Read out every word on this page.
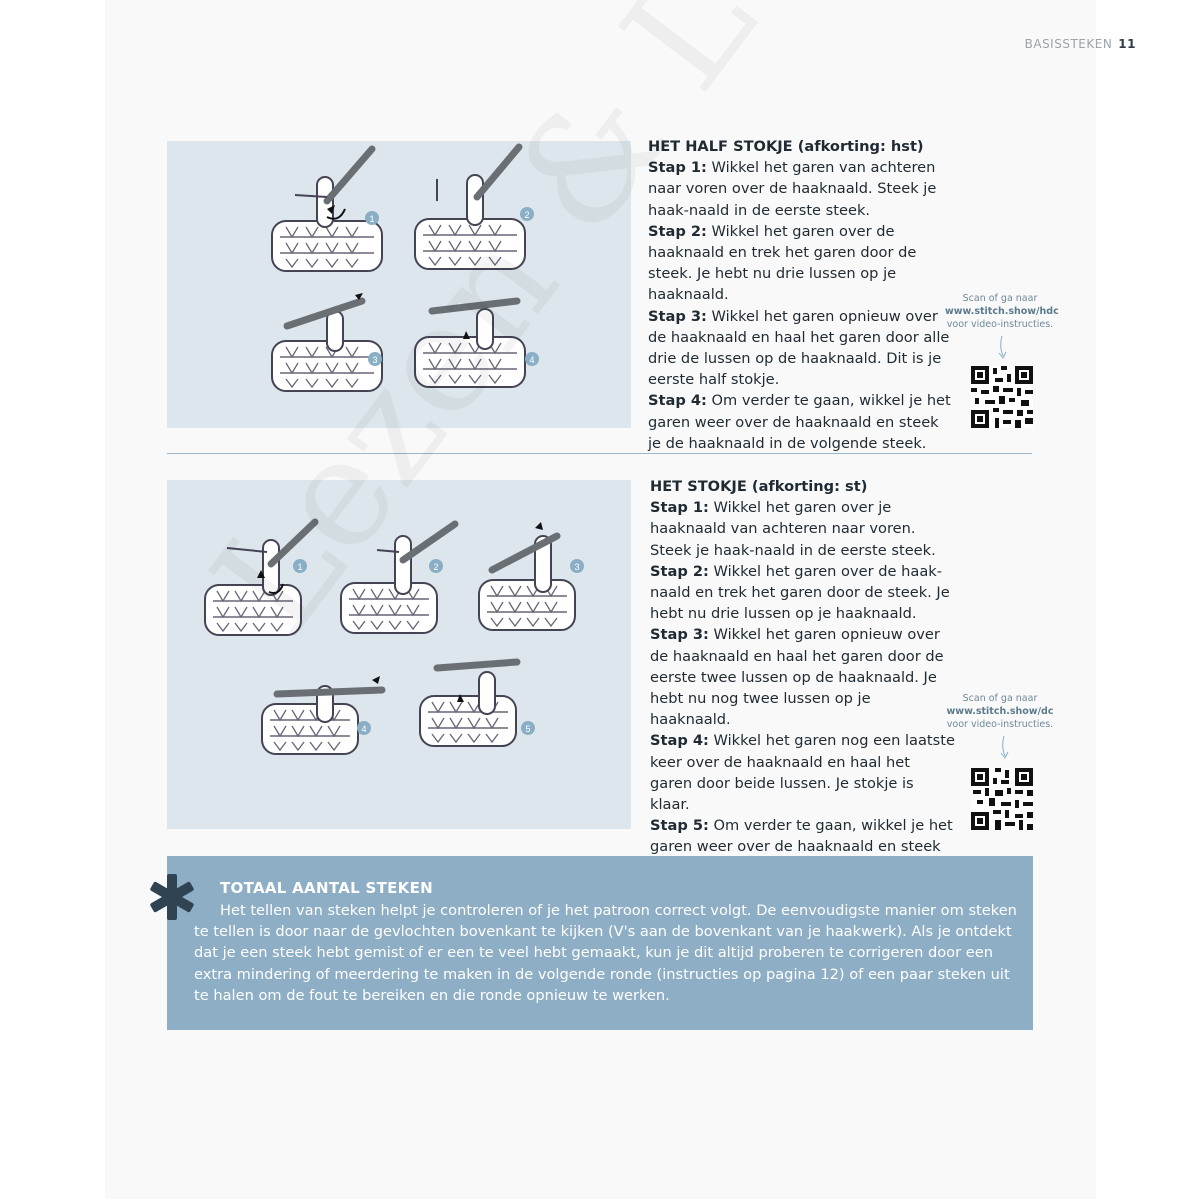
BASISSTEKEN 11
1	2
3	4
HET HALF STOKJE (afkorting: hst)
Stap 1: Wikkel het garen van achteren naar voren over de haaknaald. Steek je haak-naald in de eerste steek.
Stap 2: Wikkel het garen over de haaknaald en trek het garen door de steek. Je hebt nu drie lussen op je haaknaald.
Stap 3: Wikkel het garen opnieuw over de haaknaald en haal het garen door alle drie de lussen op de haaknaald. Dit is je eerste half stokje.
Stap 4: Om verder te gaan, wikkel je het garen weer over de haaknaald en steek je de haaknaald in de volgende steek.
Scan of ga naar
www.stitch.show/hdc
voor video-instructies.
1	2	3
4	5
HET STOKJE (afkorting: st)
Stap 1: Wikkel het garen over je haaknaald van achteren naar voren. Steek je haak-naald in de eerste steek.
Stap 2: Wikkel het garen over de haak-naald en trek het garen door de steek. Je hebt nu drie lussen op je haaknaald.
Stap 3: Wikkel het garen opnieuw over de haaknaald en haal het garen door de eerste twee lussen op de haaknaald. Je hebt nu nog twee lussen op je haaknaald.
Stap 4: Wikkel het garen nog een laatste keer over de haaknaald en haal het garen door beide lussen. Je stokje is klaar.
Stap 5: Om verder te gaan, wikkel je het garen weer over de haaknaald en steek
Scan of ga naar
www.stitch.show/dc
voor video-instructies.
TOTAAL AANTAL STEKEN
Het tellen van steken helpt je controleren of je het patroon correct volgt. De eenvoudigste manier om steken te tellen is door naar de gevlochten bovenkant te kijken (V's aan de bovenkant van je haakwerk). Als je ontdekt dat je een steek hebt gemist of er een te veel hebt gemaakt, kun je dit altijd proberen te corrigeren door een extra mindering of meerdering te maken in de volgende ronde (instructies op pagina 12) of een paar steken uit te halen om de fout te bereiken en die ronde opnieuw te werken.
